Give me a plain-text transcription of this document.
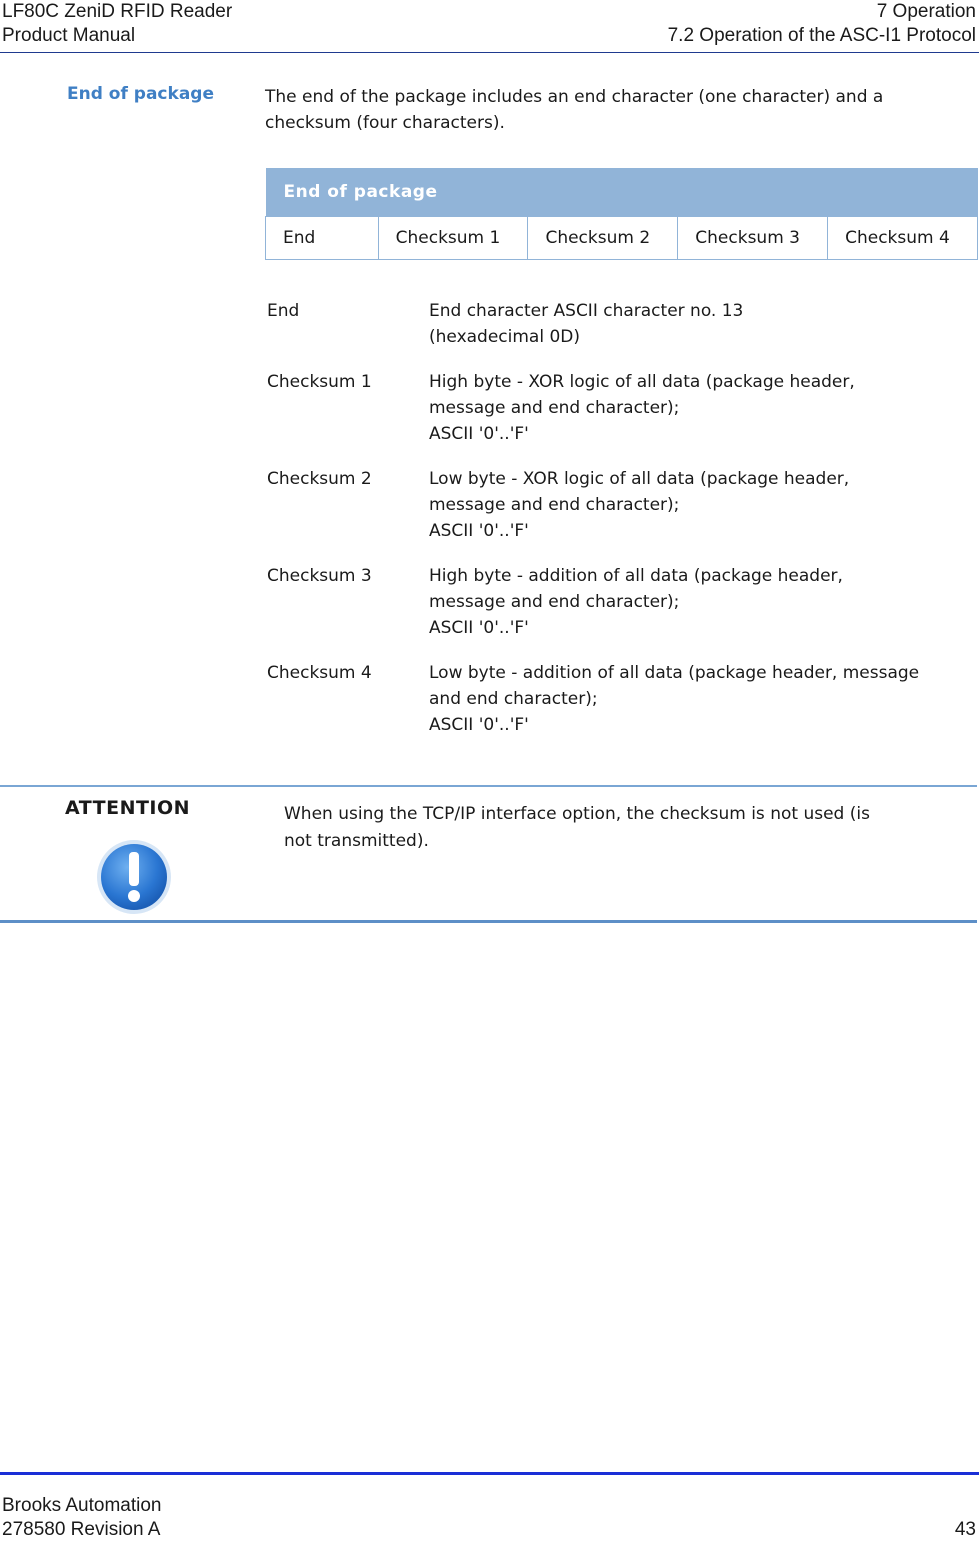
LF80C ZeniD RFID Reader
Product Manual
7 Operation
7.2 Operation of the ASC-I1 Protocol
End of package	The end of the package includes an end character (one character) and a checksum (four characters).
End of package
End	Checksum 1	Checksum 2	Checksum 3	Checksum 4
End	End character ASCII character no. 13
(hexadecimal 0D)
Checksum 1	High byte - XOR logic of all data (package header,
message and end character);
ASCII '0'..'F'
Checksum 2	Low byte - XOR logic of all data (package header,
message and end character);
ASCII '0'..'F'
Checksum 3	High byte - addition of all data (package header,
message and end character);
ASCII '0'..'F'
Checksum 4	Low byte - addition of all data (package header, message
and end character);
ASCII '0'..'F'
ATTENTION	When using the TCP/IP interface option, the checksum is not used (is
not transmitted).
Brooks Automation
278580 Revision A	43
